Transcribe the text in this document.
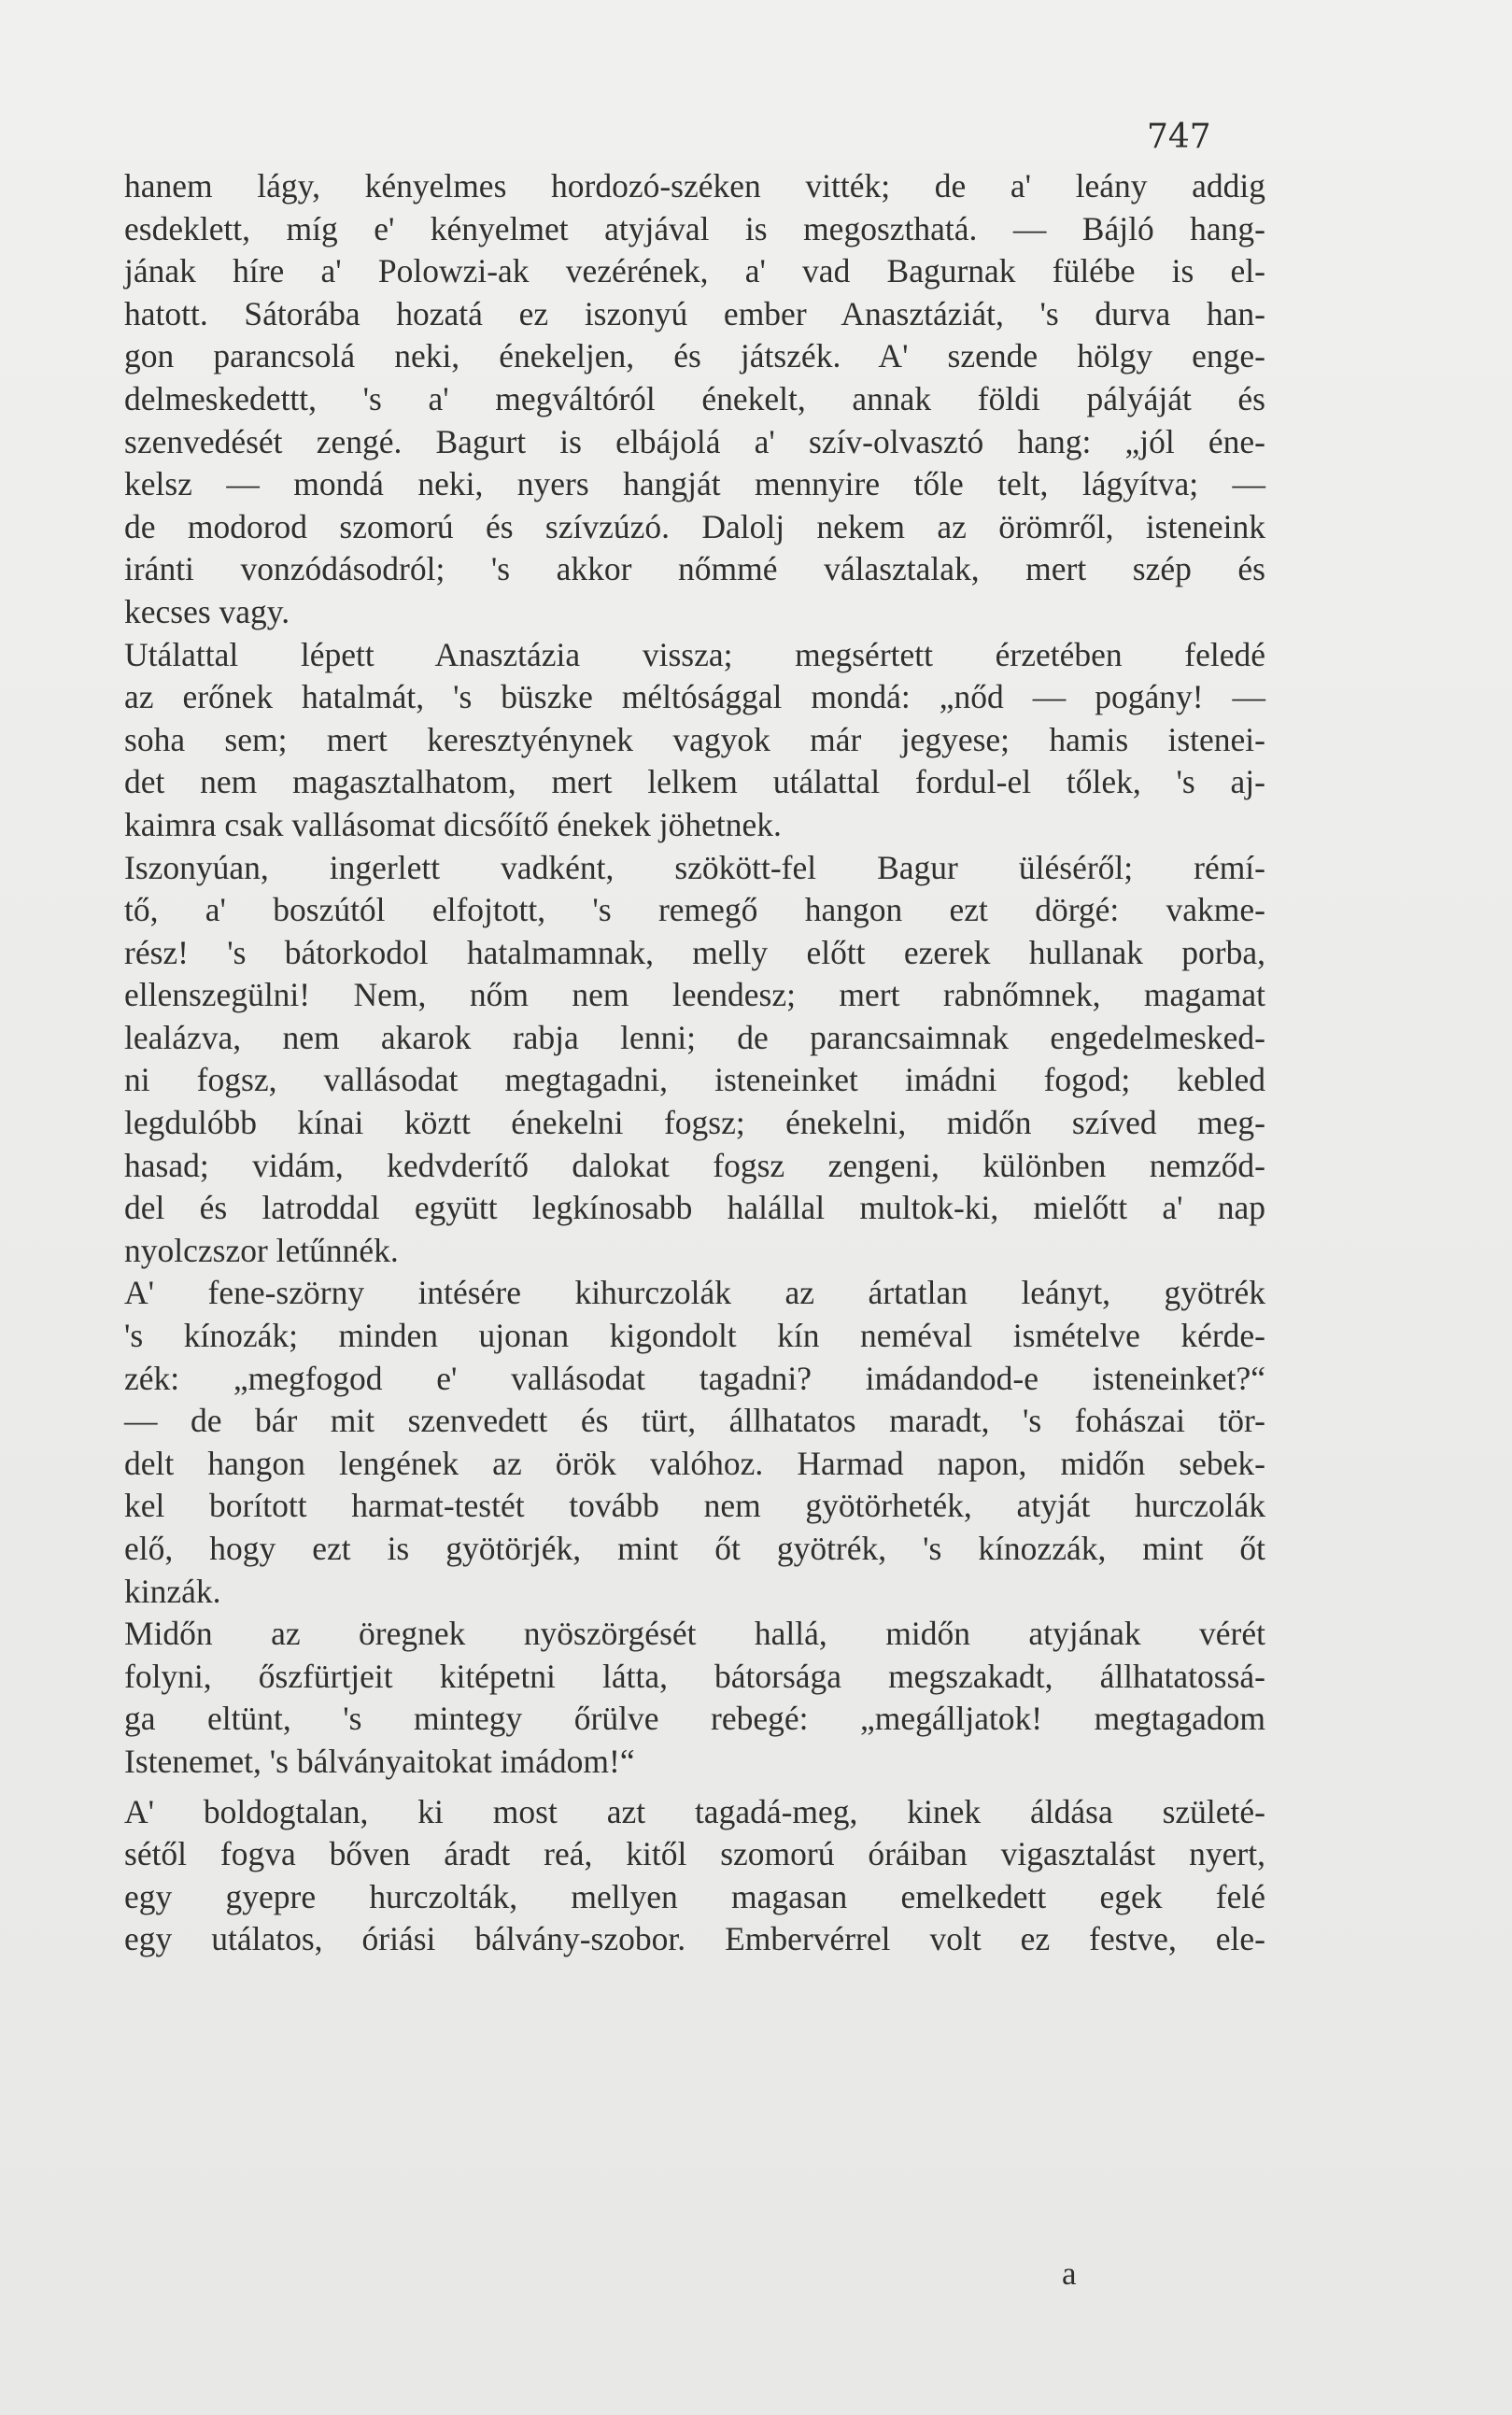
747
hanem lágy, kényelmes hordozó-széken vitték; de a' leány addig
esdeklett, míg e' kényelmet atyjával is megoszthatá. — Bájló hang-
jának híre a' Polowzi-ak vezérének, a' vad Bagurnak fülébe is el-
hatott. Sátorába hozatá ez iszonyú ember Anasztáziát, 's durva han-
gon parancsolá neki, énekeljen, és játszék. A' szende hölgy enge-
delmeskedettt, 's a' megváltóról énekelt, annak földi pályáját és
szenvedését zengé. Bagurt is elbájolá a' szív-olvasztó hang: „jól éne-
kelsz — mondá neki, nyers hangját mennyire tőle telt, lágyítva; —
de modorod szomorú és szívzúzó. Dalolj nekem az örömről, isteneink
iránti vonzódásodról; 's akkor nőmmé választalak, mert szép és
kecses vagy.
Utálattal lépett Anasztázia vissza; megsértett érzetében feledé
az erőnek hatalmát, 's büszke méltósággal mondá: „nőd — pogány! —
soha sem; mert keresztyénynek vagyok már jegyese; hamis istenei-
det nem magasztalhatom, mert lelkem utálattal fordul-el tőlek, 's aj-
kaimra csak vallásomat dicsőítő énekek jöhetnek.
Iszonyúan, ingerlett vadként, szökött-fel Bagur üléséről; rémí-
tő, a' boszútól elfojtott, 's remegő hangon ezt dörgé: vakme-
rész! 's bátorkodol hatalmamnak, melly előtt ezerek hullanak porba,
ellenszegülni! Nem, nőm nem leendesz; mert rabnőmnek, magamat
lealázva, nem akarok rabja lenni; de parancsaimnak engedelmesked-
ni fogsz, vallásodat megtagadni, isteneinket imádni fogod; kebled
legdulóbb kínai köztt énekelni fogsz; énekelni, midőn szíved meg-
hasad; vidám, kedvderítő dalokat fogsz zengeni, különben nemződ-
del és latroddal együtt legkínosabb halállal multok-ki, mielőtt a' nap
nyolczszor letűnnék.
A' fene-szörny intésére kihurczolák az ártatlan leányt, gyötrék
's kínozák; minden ujonan kigondolt kín neméval ismételve kérde-
zék: „megfogod e' vallásodat tagadni? imádandod-e isteneinket?“
— de bár mit szenvedett és türt, állhatatos maradt, 's fohászai tör-
delt hangon lengének az örök valóhoz. Harmad napon, midőn sebek-
kel borított harmat-testét tovább nem gyötörheték, atyját hurczolák
elő, hogy ezt is gyötörjék, mint őt gyötrék, 's kínozzák, mint őt
kinzák.
Midőn az öregnek nyöszörgését hallá, midőn atyjának vérét
folyni, őszfürtjeit kitépetni látta, bátorsága megszakadt, állhatatossá-
ga eltünt, 's mintegy őrülve rebegé: „megálljatok! megtagadom
Istenemet, 's bálványaitokat imádom!“
A' boldogtalan, ki most azt tagadá-meg, kinek áldása születé-
sétől fogva bőven áradt reá, kitől szomorú óráiban vigasztalást nyert,
egy gyepre hurczolták, mellyen magasan emelkedett egek felé
egy utálatos, óriási bálvány-szobor. Embervérrel volt ez festve, ele-
a
